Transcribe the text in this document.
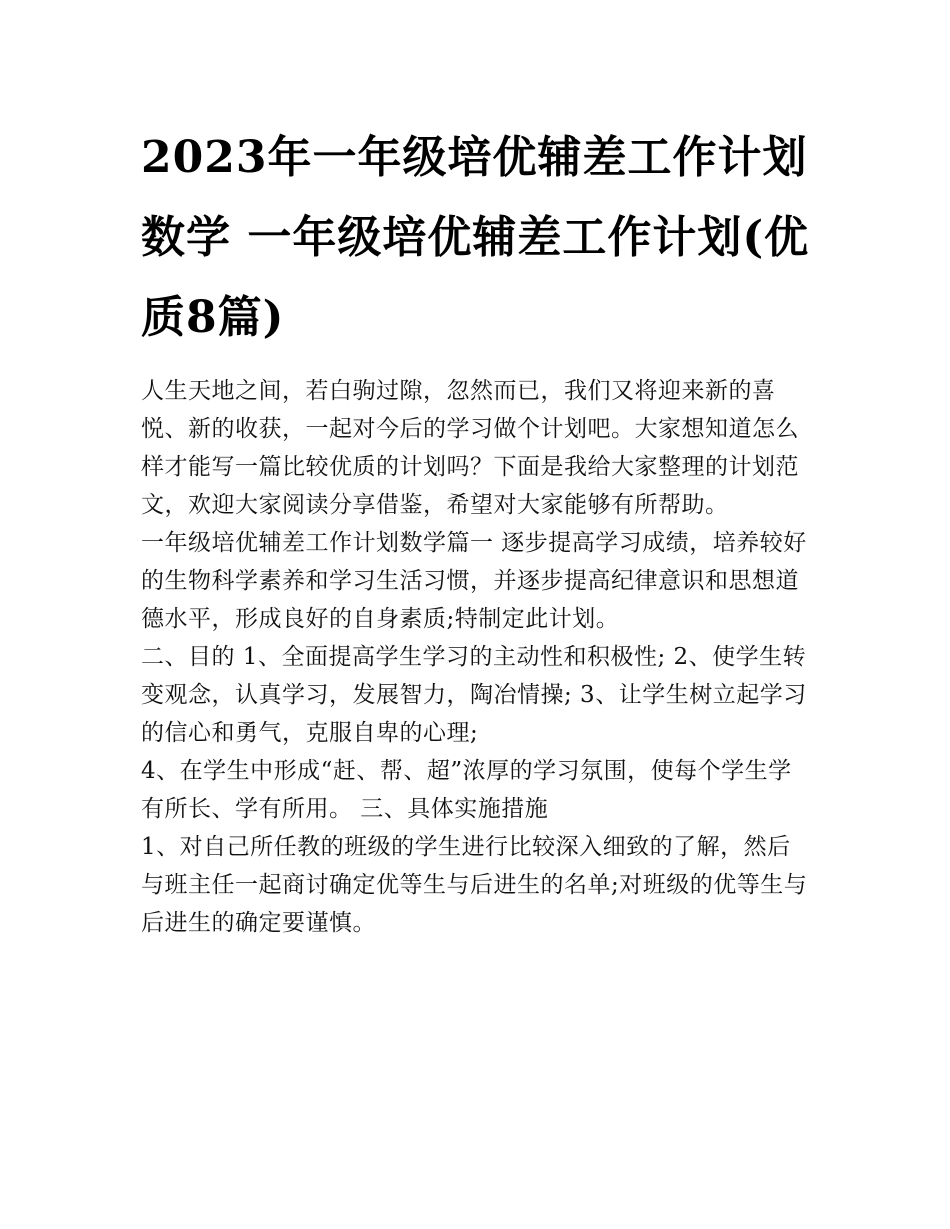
2023年一年级培优辅差工作计划数学 一年级培优辅差工作计划(优质8篇)

人生天地之间，若白驹过隙，忽然而已，我们又将迎来新的喜悦、新的收获，一起对今后的学习做个计划吧。大家想知道怎么样才能写一篇比较优质的计划吗？下面是我给大家整理的计划范文，欢迎大家阅读分享借鉴，希望对大家能够有所帮助。

一年级培优辅差工作计划数学篇一 逐步提高学习成绩，培养较好的生物科学素养和学习生活习惯，并逐步提高纪律意识和思想道德水平，形成良好的自身素质;特制定此计划。

二、目的 1、全面提高学生学习的主动性和积极性; 2、使学生转变观念，认真学习，发展智力，陶冶情操; 3、让学生树立起学习的信心和勇气，克服自卑的心理;

4、在学生中形成“赶、帮、超”浓厚的学习氛围，使每个学生学有所长、学有所用。 三、具体实施措施

1、对自己所任教的班级的学生进行比较深入细致的了解，然后与班主任一起商讨确定优等生与后进生的名单;对班级的优等生与后进生的确定要谨慎。
